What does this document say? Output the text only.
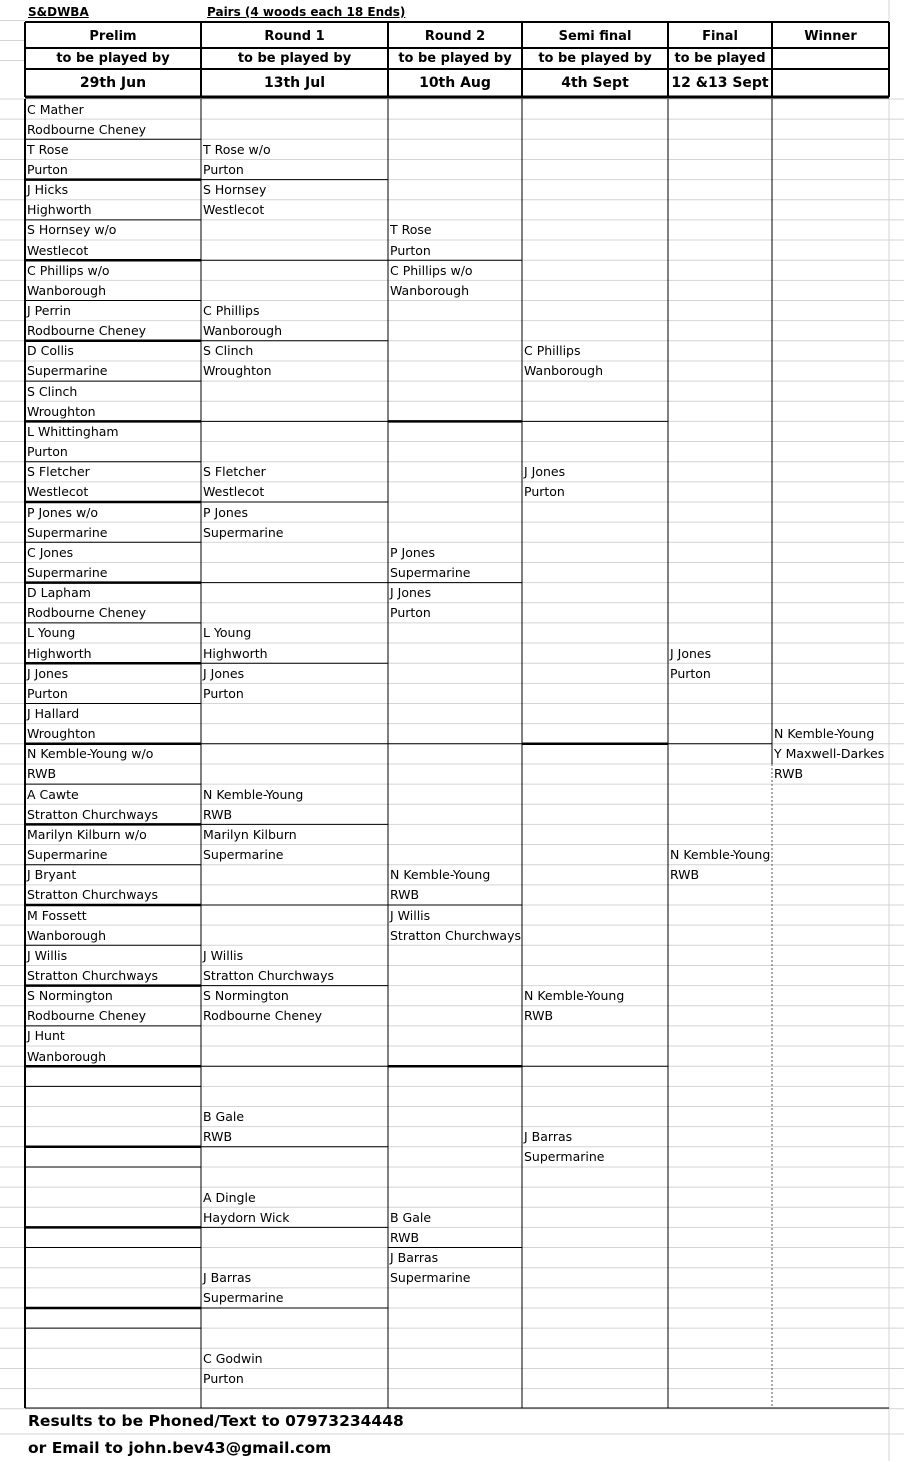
S&DWBA	Pairs (4 woods each 18 Ends)
Prelim
to be played by
29th Jun
Round 1
to be played by
13th Jul
Round 2
to be played by
10th Aug
Semi final
to be played by
4th Sept
Final
to be played
12 &13 Sept
Winner
C Mather
Rodbourne Cheney
T Rose
Purton
J Hicks
Highworth
S Hornsey w/o
Westlecot
C Phillips w/o
Wanborough
J Perrin
Rodbourne Cheney
D Collis
Supermarine
S Clinch
Wroughton
L Whittingham
Purton
S Fletcher
Westlecot
P Jones w/o
Supermarine
C Jones
Supermarine
D Lapham
Rodbourne Cheney
L Young
Highworth
J Jones
Purton
J Hallard
Wroughton
N Kemble-Young w/o
RWB
A Cawte
Stratton Churchways
Marilyn Kilburn w/o
Supermarine
J Bryant
Stratton Churchways
M Fossett
Wanborough
J Willis
Stratton Churchways
S Normington
Rodbourne Cheney
J Hunt
Wanborough
T Rose w/o
Purton
S Hornsey
Westlecot
C Phillips
Wanborough
S Clinch
Wroughton
S Fletcher
Westlecot
P Jones
Supermarine
L Young
Highworth
J Jones
Purton
N Kemble-Young
RWB
Marilyn Kilburn
Supermarine
J Willis
Stratton Churchways
S Normington
Rodbourne Cheney
B Gale
RWB
A Dingle
Haydorn Wick
J Barras
Supermarine
C Godwin
Purton
T Rose
Purton
C Phillips w/o
Wanborough
P Jones
Supermarine
J Jones
Purton
N Kemble-Young
RWB
J Willis
Stratton Churchways
B Gale
RWB
J Barras
Supermarine
C Phillips
Wanborough
J Jones
Purton
N Kemble-Young
RWB
J Barras
Supermarine
J Jones
Purton
N Kemble-Young
RWB
N Kemble-Young
Y Maxwell-Darkes
RWB
Results to be Phoned/Text to 07973234448
or Email to john.bev43@gmail.com
